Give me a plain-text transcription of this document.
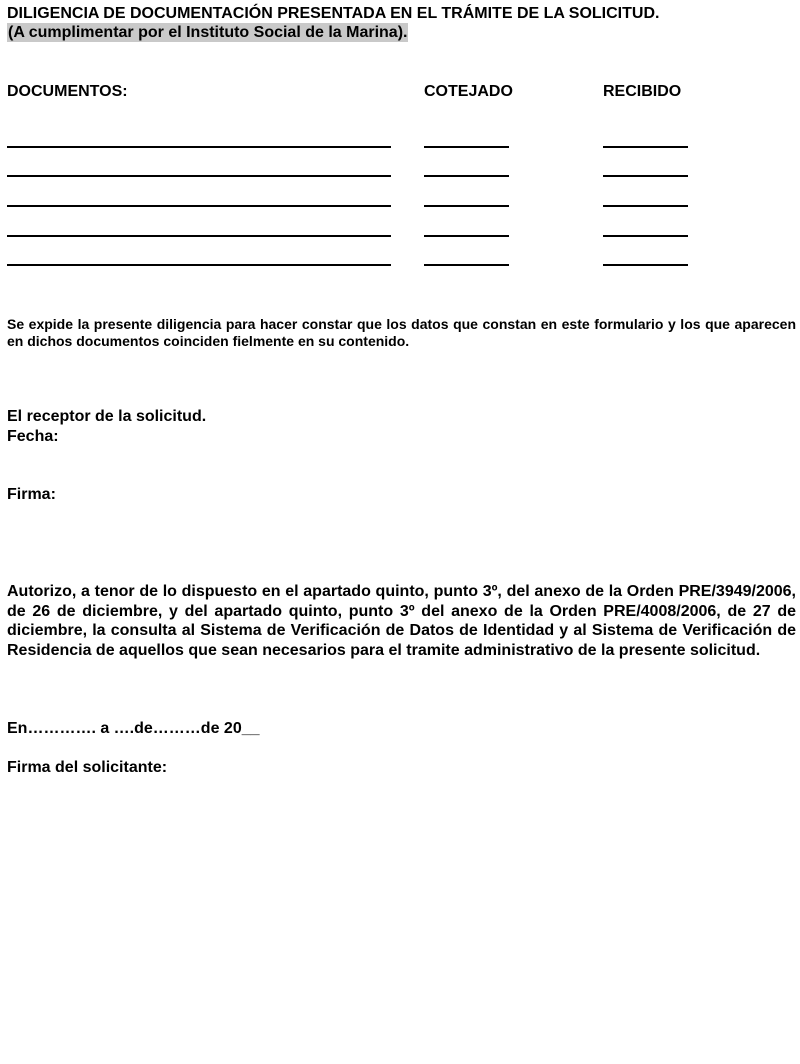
DILIGENCIA DE DOCUMENTACIÓN PRESENTADA EN EL TRÁMITE DE LA SOLICITUD.
(A cumplimentar por el Instituto Social de la Marina).
DOCUMENTOS:	COTEJADO	RECIBIDO
Se expide la presente diligencia para hacer constar que los datos que constan en este formulario y los que aparecen en dichos documentos coinciden fielmente en su contenido.
El receptor de la solicitud.
Fecha:
Firma:
Autorizo, a tenor de lo dispuesto en el apartado quinto, punto 3º, del anexo de la Orden PRE/3949/2006, de 26 de diciembre, y del apartado quinto, punto 3º del anexo de la Orden PRE/4008/2006, de 27 de diciembre, la consulta al Sistema de Verificación de Datos de Identidad y al Sistema de Verificación de Residencia de aquellos que sean necesarios para el tramite administrativo de la presente solicitud.
En…………. a ….de………de 20__
Firma del solicitante:
